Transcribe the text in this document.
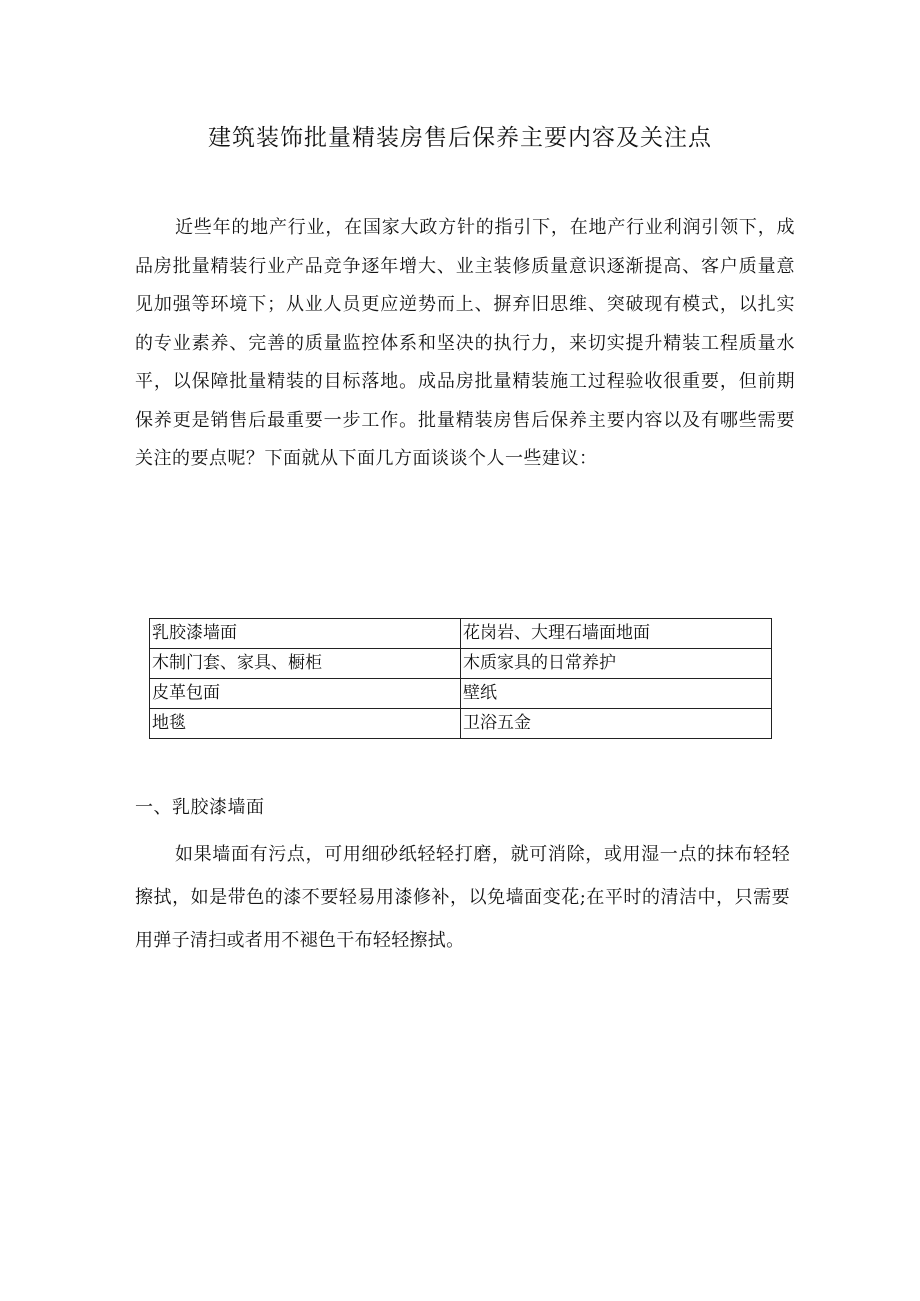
建筑装饰批量精装房售后保养主要内容及关注点

近些年的地产行业，在国家大政方针的指引下，在地产行业利润引领下，成品房批量精装行业产品竞争逐年增大、业主装修质量意识逐渐提高、客户质量意见加强等环境下；从业人员更应逆势而上、摒弃旧思维、突破现有模式，以扎实的专业素养、完善的质量监控体系和坚决的执行力，来切实提升精装工程质量水平，以保障批量精装的目标落地。成品房批量精装施工过程验收很重要，但前期保养更是销售后最重要一步工作。批量精装房售后保养主要内容以及有哪些需要关注的要点呢？下面就从下面几方面谈谈个人一些建议：

乳胶漆墙面	花岗岩、大理石墙面地面
木制门套、家具、橱柜	木质家具的日常养护
皮革包面	壁纸
地毯	卫浴五金
一、乳胶漆墙面

如果墙面有污点，可用细砂纸轻轻打磨，就可消除，或用湿一点的抹布轻轻擦拭，如是带色的漆不要轻易用漆修补，以免墙面变花;在平时的清洁中，只需要用弹子清扫或者用不褪色干布轻轻擦拭。
